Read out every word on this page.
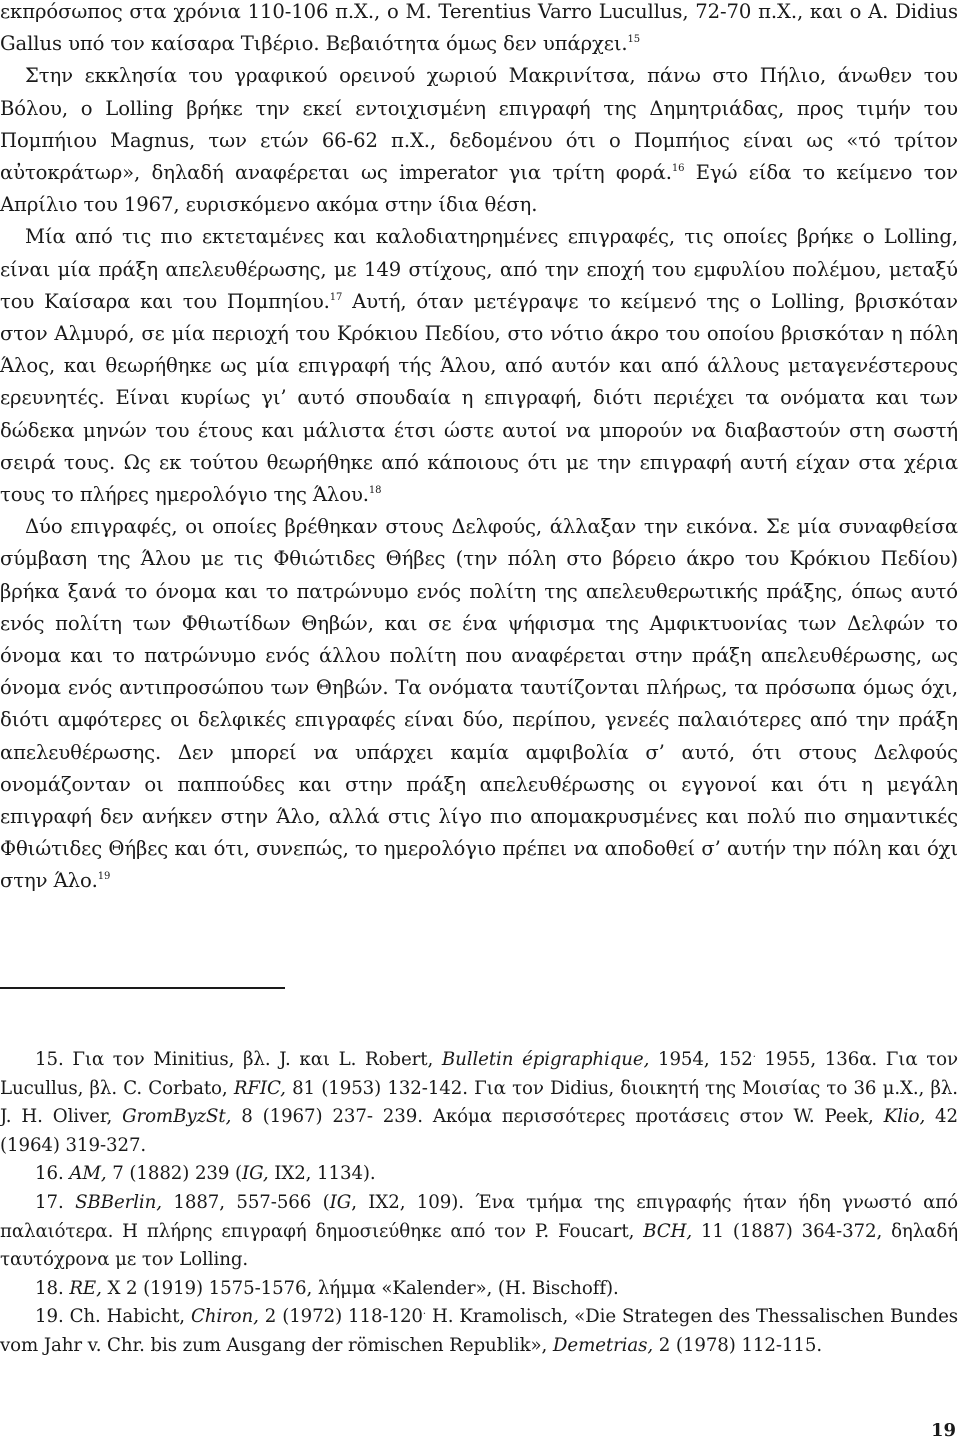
εκπρόσωπος στα χρόνια 110-106 π.Χ., ο M. Terentius Varro Lucullus, 72-70 π.Χ., και ο A. Didius Gallus υπό τον καίσαρα Τιβέριο. Βεβαιότητα όμως δεν υπάρχει.$^{15}$

Στην εκκλησία του γραφικού ορεινού χωριού Μακρινίτσα, πάνω στο Πήλιο, άνωθεν του Βόλου, ο Lolling βρήκε την εκεί εντοιχισμένη επιγραφή της Δημητριάδας, προς τιμήν του Πομπήιου Magnus, των ετών 66-62 π.Χ., δεδομένου ότι ο Πομπήιος είναι ως «τό τρίτον αὐτοκράτωρ», δηλαδή αναφέρεται ως imperator για τρίτη φορά.$^{16}$ Εγώ είδα το κείμενο τον Απρίλιο του 1967, ευρισκόμενο ακόμα στην ίδια θέση.

Μία από τις πιο εκτεταμένες και καλοδιατηρημένες επιγραφές, τις οποίες βρήκε ο Lolling, είναι μία πράξη απελευθέρωσης, με 149 στίχους, από την εποχή του εμφυλίου πολέμου, μεταξύ του Καίσαρα και του Πομπηίου.$^{17}$ Αυτή, όταν μετέγραψε το κείμενό της ο Lolling, βρισκόταν στον Αλμυρό, σε μία περιοχή του Κρόκιου Πεδίου, στο νότιο άκρο του οποίου βρισκόταν η πόλη Άλος, και θεωρήθηκε ως μία επιγραφή τής Άλου, από αυτόν και από άλλους μεταγενέστερους ερευνητές. Είναι κυρίως γι’ αυτό σπουδαία η επιγραφή, διότι περιέχει τα ονόματα και των δώδεκα μηνών του έτους και μάλιστα έτσι ώστε αυτοί να μπορούν να διαβαστούν στη σωστή σειρά τους. Ως εκ τούτου θεωρήθηκε από κάποιους ότι με την επιγραφή αυτή είχαν στα χέρια τους το πλήρες ημερολόγιο της Άλου.$^{18}$

Δύο επιγραφές, οι οποίες βρέθηκαν στους Δελφούς, άλλαξαν την εικόνα. Σε μία συναφθείσα σύμβαση της Άλου με τις Φθιώτιδες Θήβες (την πόλη στο βόρειο άκρο του Κρόκιου Πεδίου) βρήκα ξανά το όνομα και το πατρώνυμο ενός πολίτη της απελευθερωτικής πράξης, όπως αυτό ενός πολίτη των Φθιωτίδων Θηβών, και σε ένα ψήφισμα της Αμφικτυονίας των Δελφών το όνομα και το πατρώνυμο ενός άλλου πολίτη που αναφέρεται στην πράξη απελευθέρωσης, ως όνομα ενός αντιπροσώπου των Θηβών. Τα ονόματα ταυτίζονται πλήρως, τα πρόσωπα όμως όχι, διότι αμφότερες οι δελφικές επιγραφές είναι δύο, περίπου, γενεές παλαιότερες από την πράξη απελευθέρωσης. Δεν μπορεί να υπάρχει καμία αμφιβολία σ’ αυτό, ότι στους Δελφούς ονομάζονταν οι παππούδες και στην πράξη απελευθέρωσης οι εγγονοί και ότι η μεγάλη επιγραφή δεν ανήκεν στην Άλο, αλλά στις λίγο πιο απομακρυσμένες και πολύ πιο σημαντικές Φθιώτιδες Θήβες και ότι, συνεπώς, το ημερολόγιο πρέπει να αποδοθεί σ’ αυτήν την πόλη και όχι στην Άλο.$^{19}$

15. Για τον Minitius, βλ. J. και L. Robert, Bulletin épigraphique, 1954, 152. 1955, 136α. Για τον Lucullus, βλ. C. Corbato, RFIC, 81 (1953) 132-142. Για τον Didius, διοικητή της Μοισίας το 36 μ.Χ., βλ. J. H. Oliver, GromByzSt, 8 (1967) 237- 239. Ακόμα περισσότερες προτάσεις στον W. Peek, Klio, 42 (1964) 319-327.

16. AM, 7 (1882) 239 (IG, IX2, 1134).

17. SBBerlin, 1887, 557-566 (IG, IX2, 109). Ένα τμήμα της επιγραφής ήταν ήδη γνωστό από παλαιότερα. Η πλήρης επιγραφή δημοσιεύθηκε από τον P. Foucart, BCH, 11 (1887) 364-372, δηλαδή ταυτόχρονα με τον Lolling.

18. RE, X 2 (1919) 1575-1576, λήμμα «Kalender», (H. Bischoff).

19. Ch. Habicht, Chiron, 2 (1972) 118-120. H. Kramolisch, «Die Strategen des Thessalischen Bundes vom Jahr v. Chr. bis zum Ausgang der römischen Republik», Demetrias, 2 (1978) 112-115.

19
